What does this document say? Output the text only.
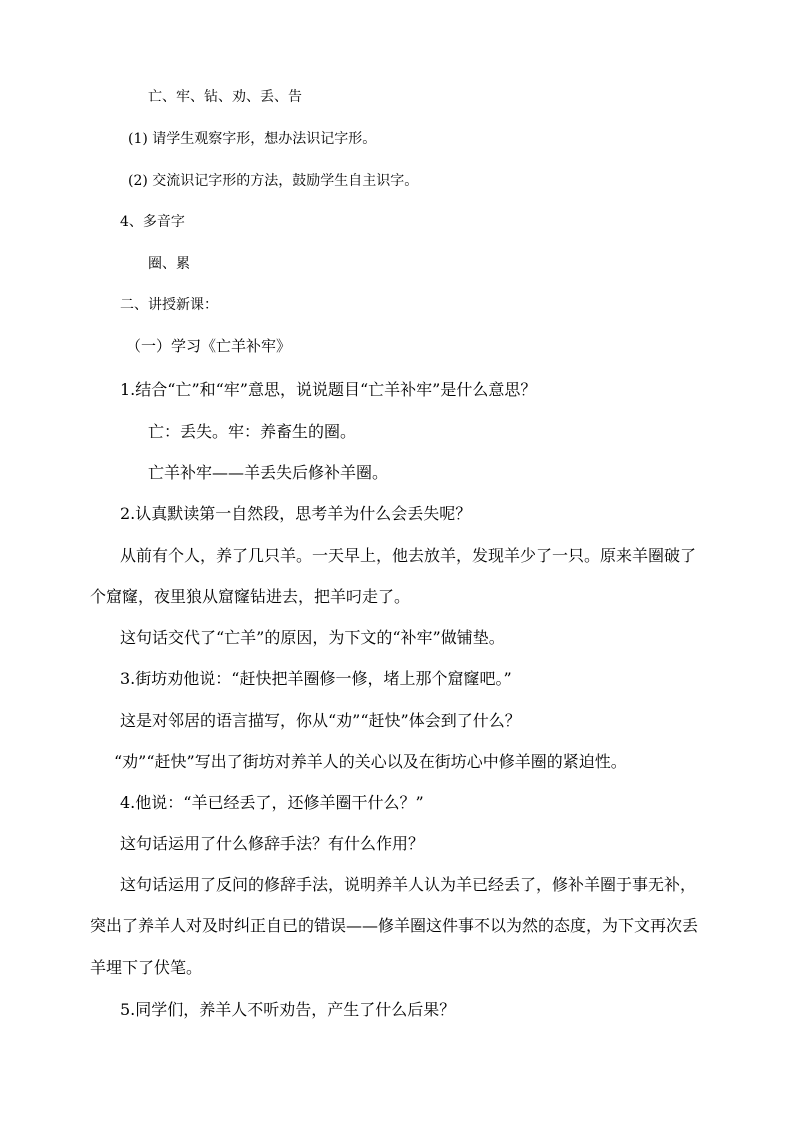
亡、牢、钻、劝、丢、告
(1) 请学生观察字形，想办法识记字形。
(2) 交流识记字形的方法，鼓励学生自主识字。
4、多音字
圈、累
二、讲授新课：
（一）学习《亡羊补牢》
1.结合“亡”和“牢”意思，说说题目“亡羊补牢”是什么意思？
亡：丢失。牢：养畜生的圈。
亡羊补牢——羊丢失后修补羊圈。
2.认真默读第一自然段，思考羊为什么会丢失呢？
从前有个人，养了几只羊。一天早上，他去放羊，发现羊少了一只。原来羊圈破了
个窟窿，夜里狼从窟窿钻进去，把羊叼走了。
这句话交代了“亡羊”的原因，为下文的“补牢”做铺垫。
3.街坊劝他说：“赶快把羊圈修一修，堵上那个窟窿吧。”
这是对邻居的语言描写，你从“劝”“赶快”体会到了什么？
“劝”“赶快”写出了街坊对养羊人的关心以及在街坊心中修羊圈的紧迫性。
4.他说：“羊已经丢了，还修羊圈干什么？”
这句话运用了什么修辞手法？有什么作用？
这句话运用了反问的修辞手法，说明养羊人认为羊已经丢了，修补羊圈于事无补，
突出了养羊人对及时纠正自已的错误——修羊圈这件事不以为然的态度，为下文再次丢
羊埋下了伏笔。
5.同学们，养羊人不听劝告，产生了什么后果？
